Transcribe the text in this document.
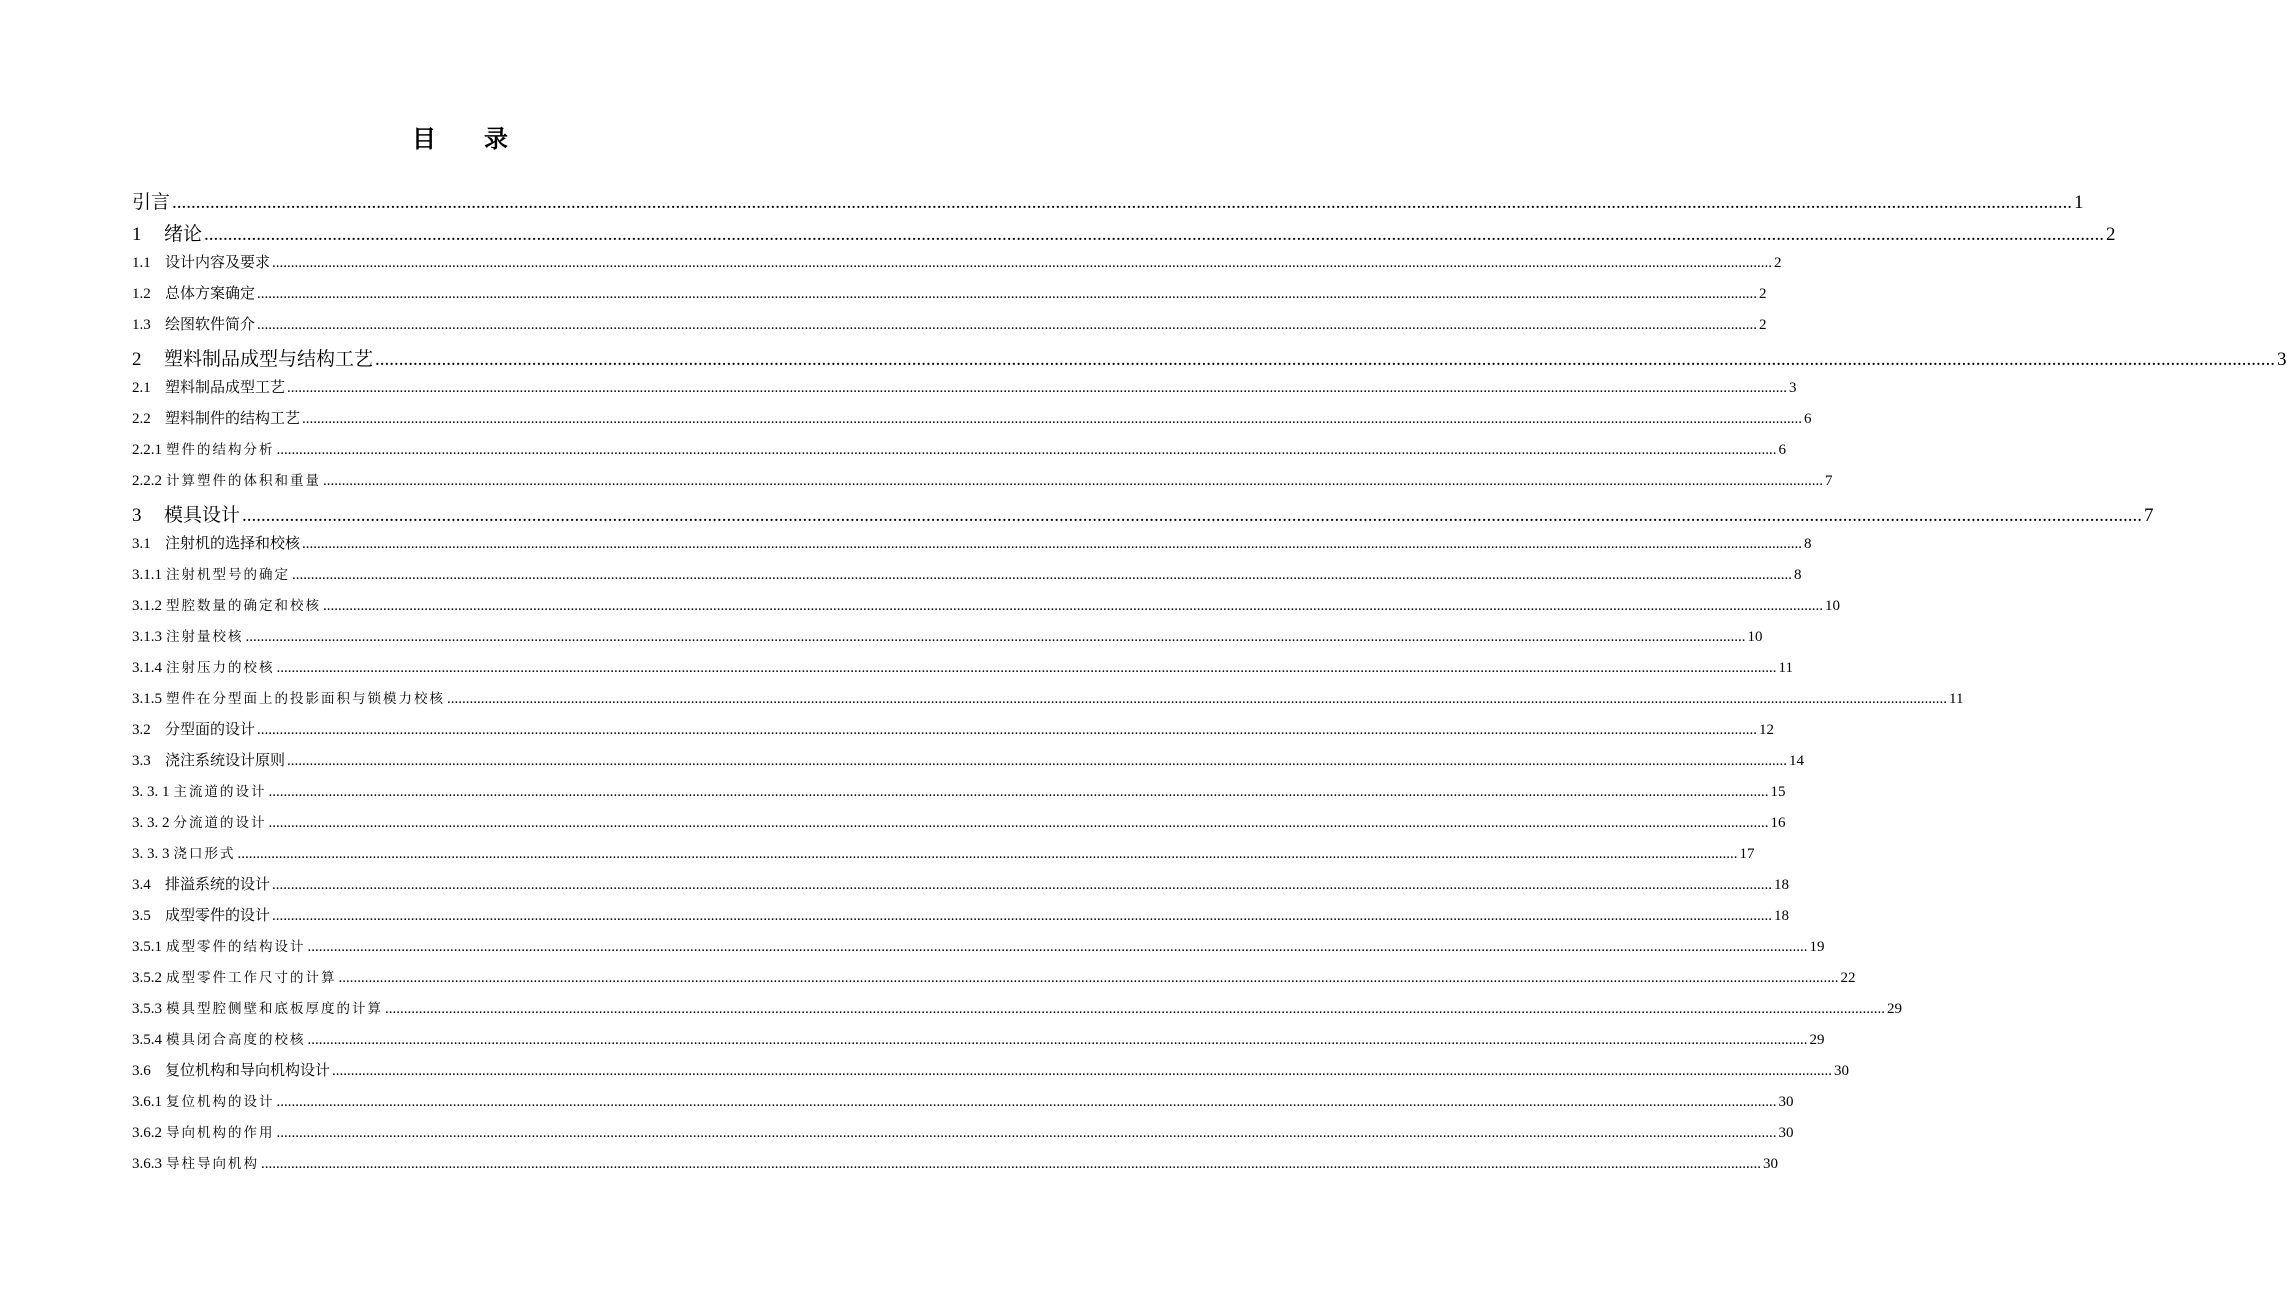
目　　录
引言 ................................................................................................................................................................................................................................................................................................................................................................................................................ 1
1	绪论 ................................................................................................................................................................................................................................................................................................................................................................................................................ 2
1.1 设计内容及要求 ................................................................................................................................................................................................................................................................................................................................................................................................................ 2
1.2 总体方案确定 ................................................................................................................................................................................................................................................................................................................................................................................................................ 2
1.3 绘图软件简介 ................................................................................................................................................................................................................................................................................................................................................................................................................ 2
2	塑料制品成型与结构工艺 ................................................................................................................................................................................................................................................................................................................................................................................................................ 3
2.1 塑料制品成型工艺 ................................................................................................................................................................................................................................................................................................................................................................................................................ 3
2.2 塑料制件的结构工艺 ................................................................................................................................................................................................................................................................................................................................................................................................................ 6
2.2.1 塑件的结构分析 ................................................................................................................................................................................................................................................................................................................................................................................................................ 6
2.2.2 计算塑件的体积和重量 ................................................................................................................................................................................................................................................................................................................................................................................................................ 7
3	模具设计 ................................................................................................................................................................................................................................................................................................................................................................................................................ 7
3.1 注射机的选择和校核 ................................................................................................................................................................................................................................................................................................................................................................................................................ 8
3.1.1 注射机型号的确定 ................................................................................................................................................................................................................................................................................................................................................................................................................ 8
3.1.2 型腔数量的确定和校核 ................................................................................................................................................................................................................................................................................................................................................................................................................ 10
3.1.3 注射量校核 ................................................................................................................................................................................................................................................................................................................................................................................................................ 10
3.1.4 注射压力的校核 ................................................................................................................................................................................................................................................................................................................................................................................................................ 11
3.1.5 塑件在分型面上的投影面积与锁模力校核 ................................................................................................................................................................................................................................................................................................................................................................................................................ 11
3.2 分型面的设计 ................................................................................................................................................................................................................................................................................................................................................................................................................ 12
3.3 浇注系统设计原则 ................................................................................................................................................................................................................................................................................................................................................................................................................ 14
3. 3. 1 主流道的设计 ................................................................................................................................................................................................................................................................................................................................................................................................................ 15
3. 3. 2 分流道的设计 ................................................................................................................................................................................................................................................................................................................................................................................................................ 16
3. 3. 3 浇口形式 ................................................................................................................................................................................................................................................................................................................................................................................................................ 17
3.4 排溢系统的设计 ................................................................................................................................................................................................................................................................................................................................................................................................................ 18
3.5 成型零件的设计 ................................................................................................................................................................................................................................................................................................................................................................................................................ 18
3.5.1 成型零件的结构设计 ................................................................................................................................................................................................................................................................................................................................................................................................................ 19
3.5.2 成型零件工作尺寸的计算 ................................................................................................................................................................................................................................................................................................................................................................................................................ 22
3.5.3 模具型腔侧壁和底板厚度的计算 ................................................................................................................................................................................................................................................................................................................................................................................................................ 29
3.5.4 模具闭合高度的校核 ................................................................................................................................................................................................................................................................................................................................................................................................................ 29
3.6 复位机构和导向机构设计 ................................................................................................................................................................................................................................................................................................................................................................................................................ 30
3.6.1 复位机构的设计 ................................................................................................................................................................................................................................................................................................................................................................................................................ 30
3.6.2 导向机构的作用 ................................................................................................................................................................................................................................................................................................................................................................................................................ 30
3.6.3 导柱导向机构 ................................................................................................................................................................................................................................................................................................................................................................................................................ 30
